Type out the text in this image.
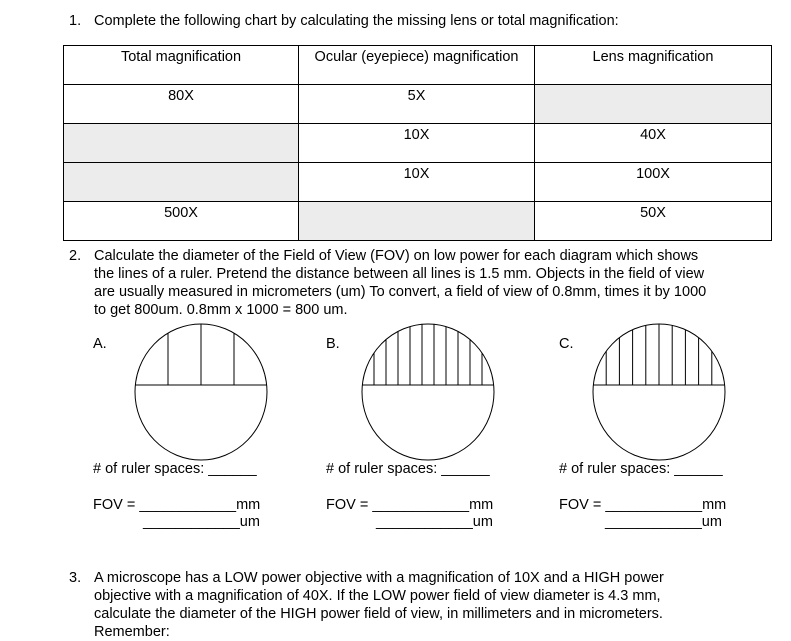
1. Complete the following chart by calculating the missing lens or total magnification:
Total magnification	Ocular (eyepiece) magnification	Lens magnification
80X	5X	
	10X	40X
	10X	100X
500X		50X
2. Calculate the diameter of the Field of View (FOV) on low power for each diagram which shows
the lines of a ruler. Pretend the distance between all lines is 1.5 mm. Objects in the field of view
are usually measured in micrometers (um) To convert, a field of view of 0.8mm, times it by 1000
to get 800um. 0.8mm x 1000 = 800 um.
A.	B.	C.
# of ruler spaces: ______	# of ruler spaces: ______	# of ruler spaces: ______
FOV = ____________mm	FOV = ____________mm	FOV = ____________mm
____________um	____________um	____________um
3. A microscope has a LOW power objective with a magnification of 10X and a HIGH power
objective with a magnification of 40X. If the LOW power field of view diameter is 4.3 mm,
calculate the diameter of the HIGH power field of view, in millimeters and in micrometers.
Remember:
